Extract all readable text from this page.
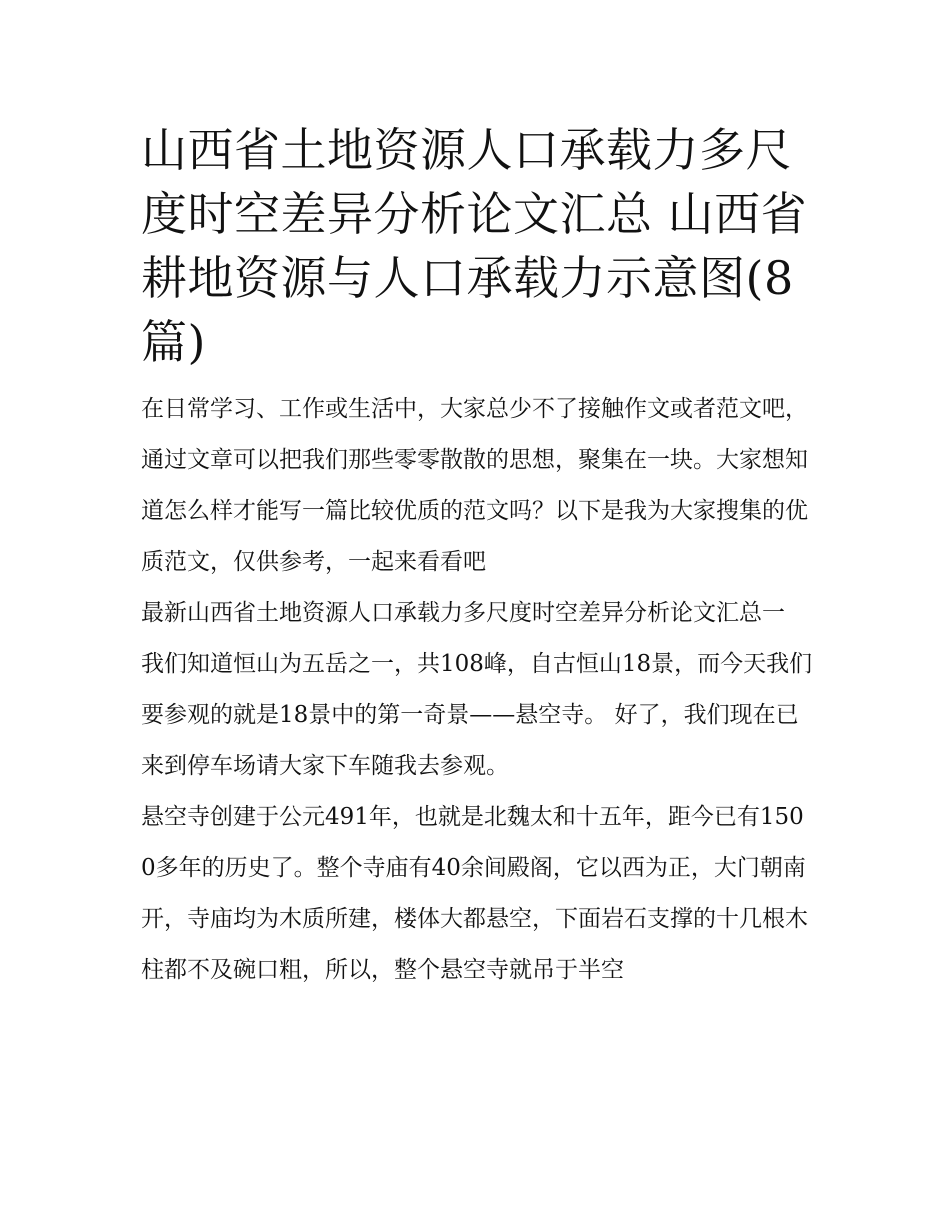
山西省土地资源人口承载力多尺度时空差异分析论文汇总 山西省耕地资源与人口承载力示意图(8篇)

在日常学习、工作或生活中，大家总少不了接触作文或者范文吧，通过文章可以把我们那些零零散散的思想，聚集在一块。大家想知道怎么样才能写一篇比较优质的范文吗？以下是我为大家搜集的优质范文，仅供参考，一起来看看吧

最新山西省土地资源人口承载力多尺度时空差异分析论文汇总一

我们知道恒山为五岳之一，共108峰，自古恒山18景，而今天我们要参观的就是18景中的第一奇景——悬空寺。 好了，我们现在已来到停车场请大家下车随我去参观。

悬空寺创建于公元491年，也就是北魏太和十五年，距今已有1500多年的历史了。整个寺庙有40余间殿阁，它以西为正，大门朝南开，寺庙均为木质所建，楼体大都悬空，下面岩石支撑的十几根木柱都不及碗口粗，所以，整个悬空寺就吊于半空
